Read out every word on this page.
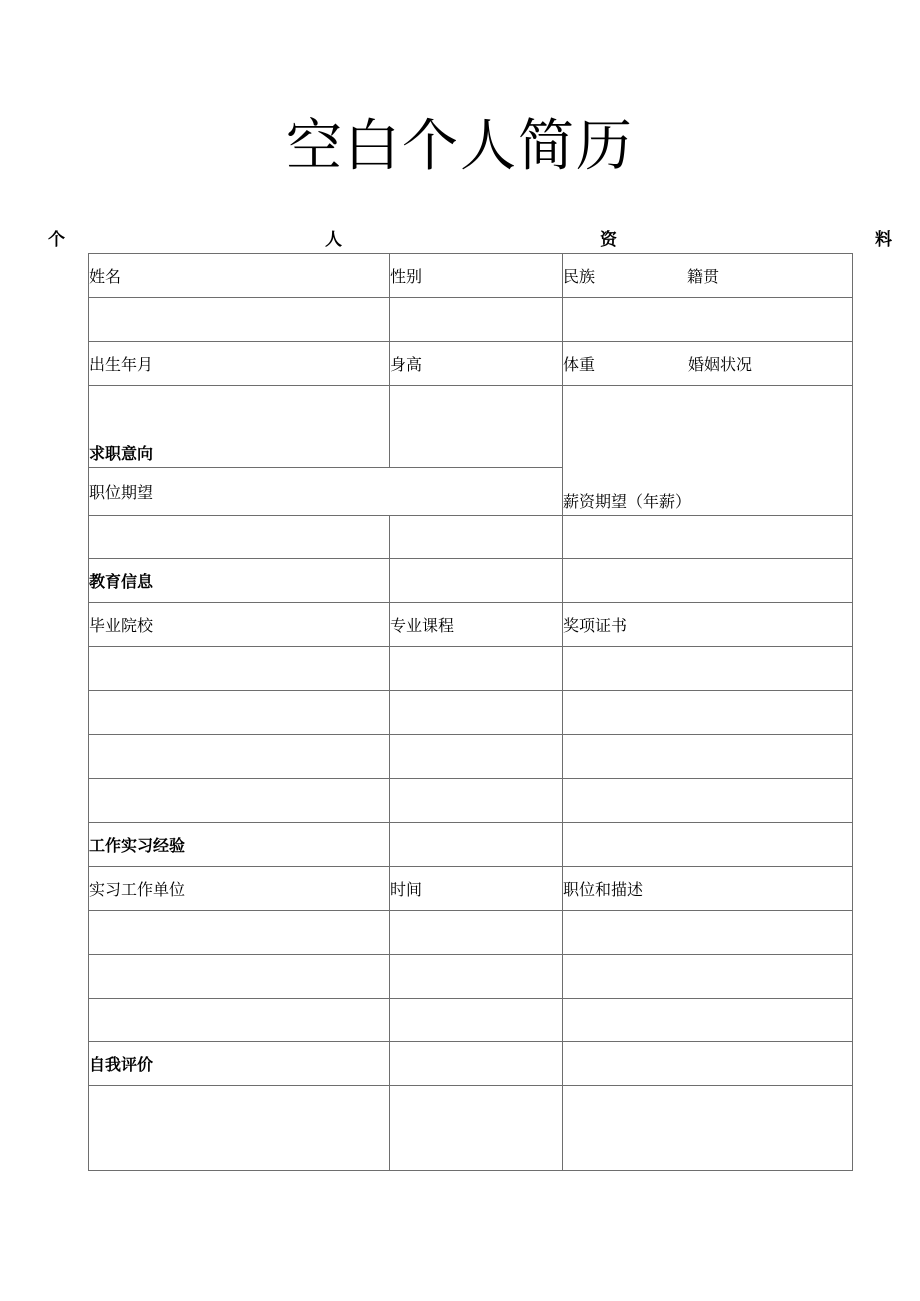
空白个人简历
个	人	资	料
姓名	性别	民族	籍贯
出生年月	身高	体重	婚姻状况
求职意向
职位期望	薪资期望（年薪）
教育信息
毕业院校	专业课程	奖项证书
工作实习经验
实习工作单位	时间	职位和描述
自我评价
